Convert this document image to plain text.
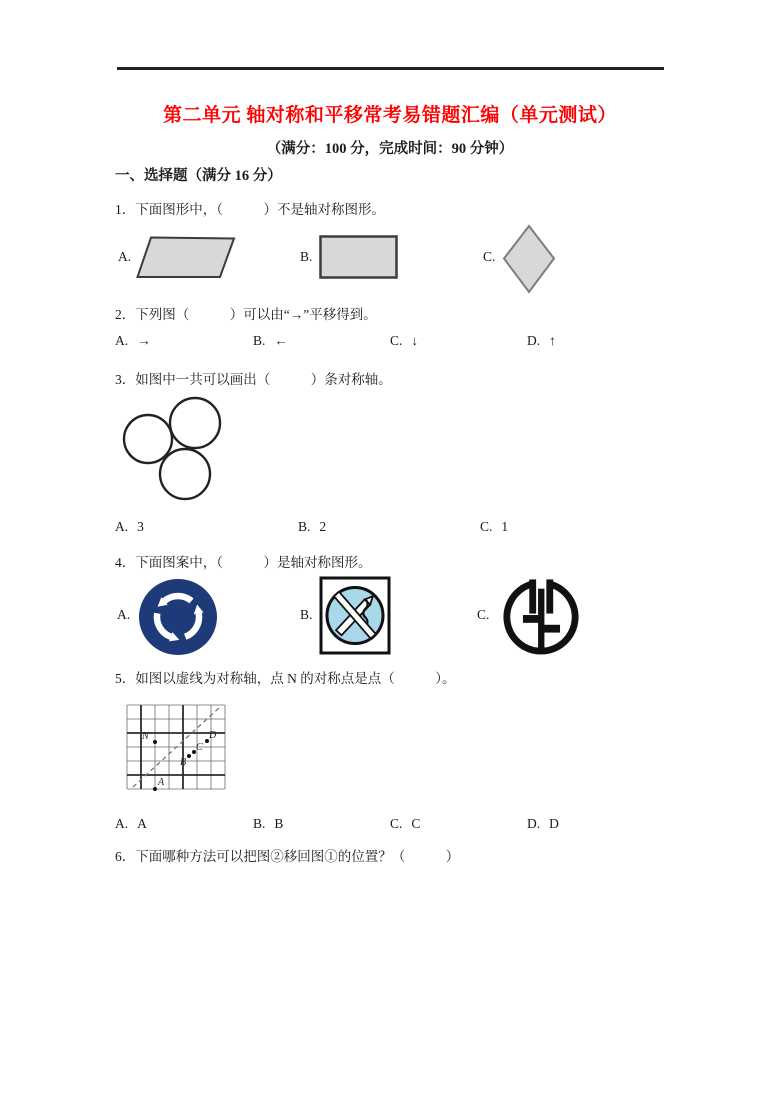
第二单元 轴对称和平移常考易错题汇编（单元测试）
（满分：100 分，完成时间：90 分钟）
一、选择题（满分 16 分）
1．下面图形中，（　　　）不是轴对称图形。
A.	B.	C.
2．下列图（　　　）可以由“→”平移得到。
A. →	B. ←	C. ↓	D. ↑
3．如图中一共可以画出（　　　）条对称轴。
A. 3	B. 2	C. 1
4．下面图案中，（　　　）是轴对称图形。
A.	B.	C.
5．如图以虚线为对称轴，点 N 的对称点是点（　　　）。
N	D
C
B
A
A. A	B. B	C. C	D. D
6．下面哪种方法可以把图②移回图①的位置？（　　　）
